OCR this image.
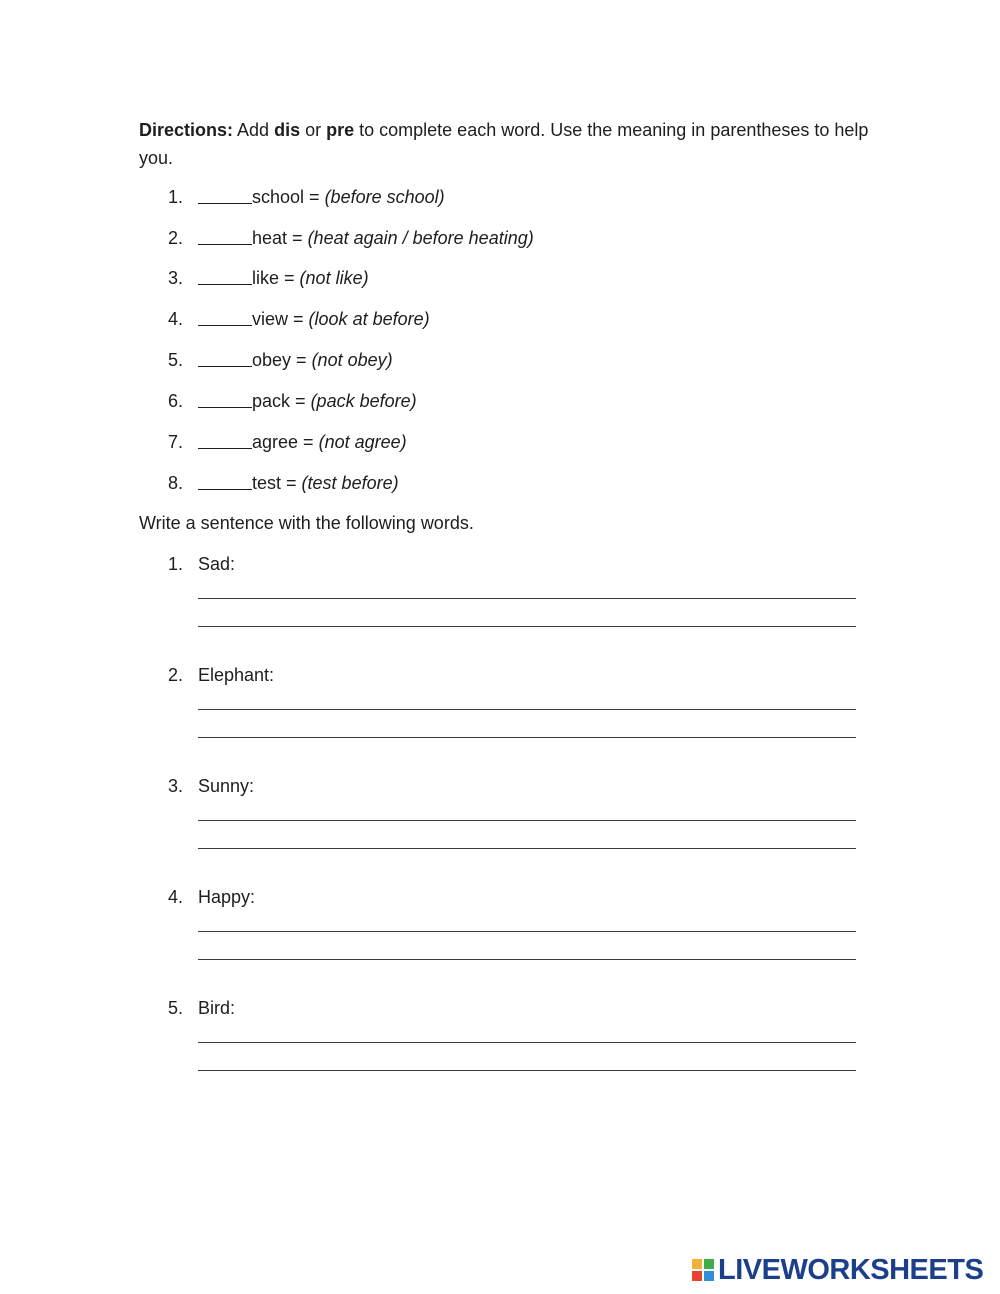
Directions: Add dis or pre to complete each word. Use the meaning in parentheses to help you.

1.	school = (before school)
2.	heat = (heat again / before heating)
3.	like = (not like)
4.	view = (look at before)
5.	obey = (not obey)
6.	pack = (pack before)
7.	agree = (not agree)
8.	test = (test before)

Write a sentence with the following words.

1. Sad:
2. Elephant:
3. Sunny:
4. Happy:
5. Bird:
LIVEWORKSHEETS
